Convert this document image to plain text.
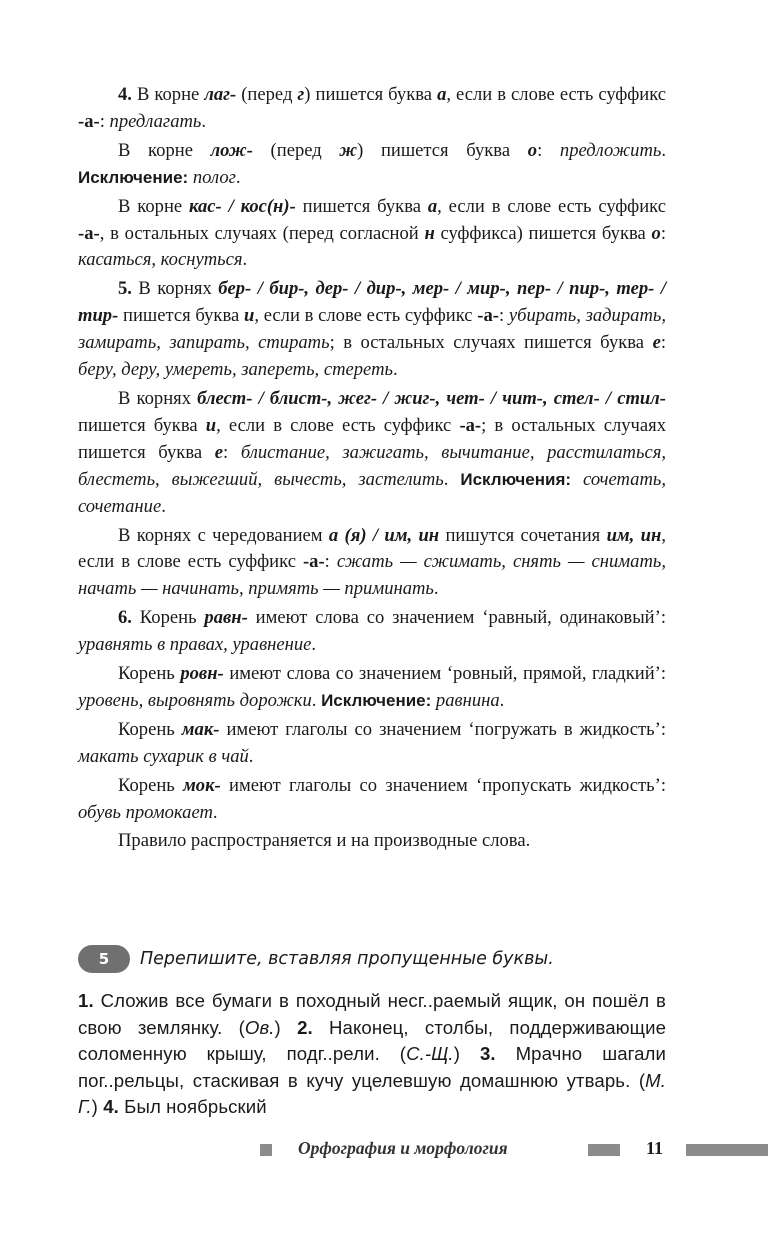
4. В корне лаг- (перед г) пишется буква а, если в слове есть суффикс -а-: предлагать.

В корне лож- (перед ж) пишется буква о: предложить. Исключение: полог.

В корне кас- / кос(н)- пишется буква а, если в слове есть суффикс -а-, в остальных случаях (перед согласной н суффикса) пишется буква о: касаться, коснуться.

5. В корнях бер- / бир-, дер- / дир-, мер- / мир-, пер- / пир-, тер- / тир- пишется буква и, если в слове есть суффикс -а-: убирать, задирать, замирать, запирать, стирать; в остальных случаях пишется буква е: беру, деру, умереть, запереть, стереть.

В корнях блест- / блист-, жег- / жиг-, чет- / чит-, стел- / стил- пишется буква и, если в слове есть суффикс -а-; в остальных случаях пишется буква е: блистание, зажигать, вычитание, расстилаться, блестеть, выжегший, вычесть, застелить. Исключения: сочетать, сочетание.

В корнях с чередованием а (я) / им, ин пишутся сочетания им, ин, если в слове есть суффикс -а-: сжать — сжимать, снять — снимать, начать — начинать, примять — приминать.

6. Корень равн- имеют слова со значением ‘равный, одинаковый’: уравнять в правах, уравнение.

Корень ровн- имеют слова со значением ‘ровный, прямой, гладкий’: уровень, выровнять дорожки. Исключение: равнина.

Корень мак- имеют глаголы со значением ‘погружать в жидкость’: макать сухарик в чай.

Корень мок- имеют глаголы со значением ‘пропускать жидкость’: обувь промокает.

Правило распространяется и на производные слова.

5	Перепишите, вставляя пропущенные буквы.
1. Сложив все бумаги в походный несг..раемый ящик, он пошёл в свою землянку. (Ов.) 2. Наконец, столбы, поддерживающие соломенную крышу, подг..рели. (С.-Щ.) 3. Мрачно шагали пог..рельцы, стаскивая в кучу уцелевшую домашнюю утварь. (М. Г.) 4. Был ноябрьский
Орфография и морфология	11
